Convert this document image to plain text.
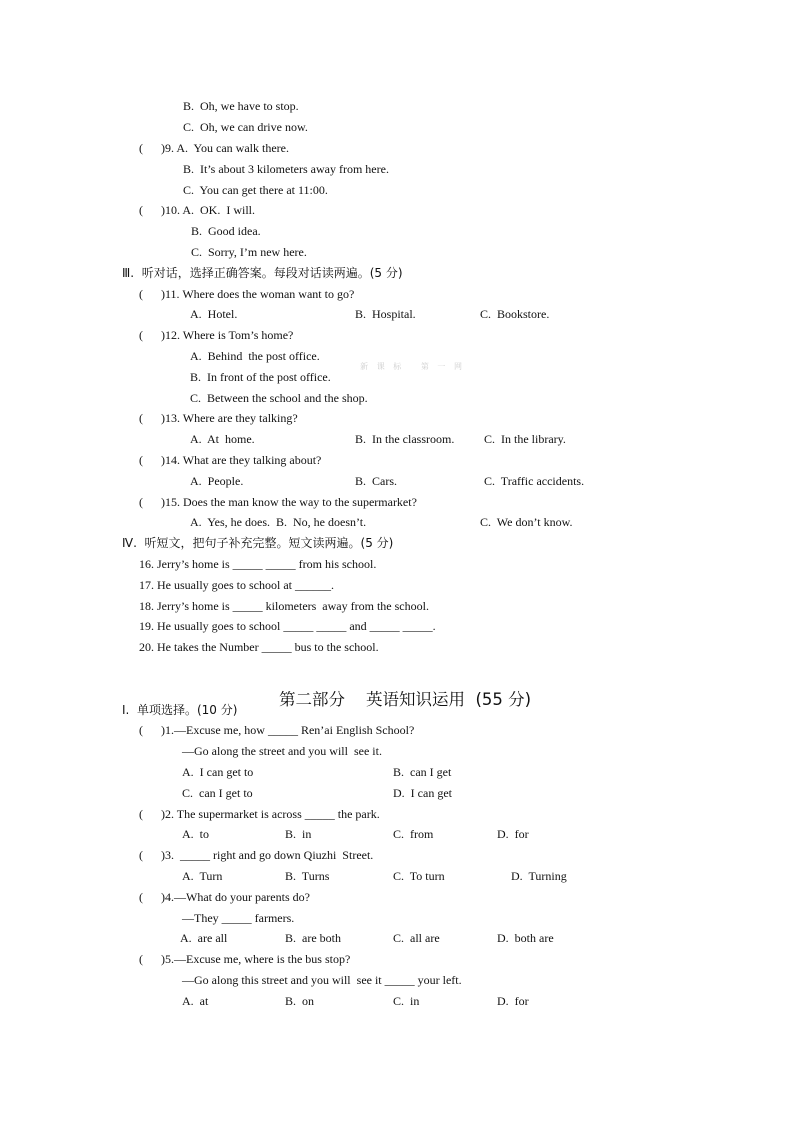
B.  Oh, we have to stop.
C.  Oh, we can drive now.
(      )9. A.  You can walk there.
B.  It’s about 3 kilometers away from here.
C.  You can get there at 11:00.
(      )10. A.  OK.  I will.
B.  Good idea.
C.  Sorry, I’m new here.
Ⅲ.  听对话，选择正确答案。每段对话读两遍。(5 分)
(      )11. Where does the woman want to go?
A.  Hotel.	B.  Hospital.	C.  Bookstore.
(      )12. Where is Tom’s home?
A.  Behind  the post office.
B.  In front of the post office.
C.  Between the school and the shop.
(      )13. Where are they talking?
A.  At  home.	B.  In the classroom. C.  In the library.
(      )14. What are they talking about?
A.  People.	B.  Cars.	C.  Traffic accidents.
(      )15. Does the man know the way to the supermarket?
A.  Yes, he does.  B.  No, he doesn’t.	C.  We don’t know.
Ⅳ.  听短文，把句子补充完整。短文读两遍。(5 分)
16. Jerry’s home is _____ _____ from his school.
17. He usually goes to school at ______.
18. Jerry’s home is _____ kilometers  away from the school.
19. He usually goes to school _____ _____ and _____ _____.
20. He takes the Number _____ bus to the school.
Ⅰ.  单项选择。(10 分)
(      )1.—Excuse me, how _____ Ren’ai English School?
—Go along the street and you will  see it.
A.  I can get to	B.  can I get
C.  can I get to	D.  I can get
(      )2. The supermarket is across _____ the park.
A.  to	B.  in	C.  from	D.  for
(      )3.  _____ right and go down Qiuzhi  Street.
A.  Turn	B.  Turns	C.  To turn	D.  Turning
(      )4.—What do your parents do?
—They _____ farmers.
A.  are all	B.  are both	C.  all are	D.  both are
(      )5.—Excuse me, where is the bus stop?
—Go along this street and you will  see it _____ your left.
A.  at	B.  on	C.  in	D.  for

第二部分    英语知识运用  (55 分)

新 课 标   第 一 网
